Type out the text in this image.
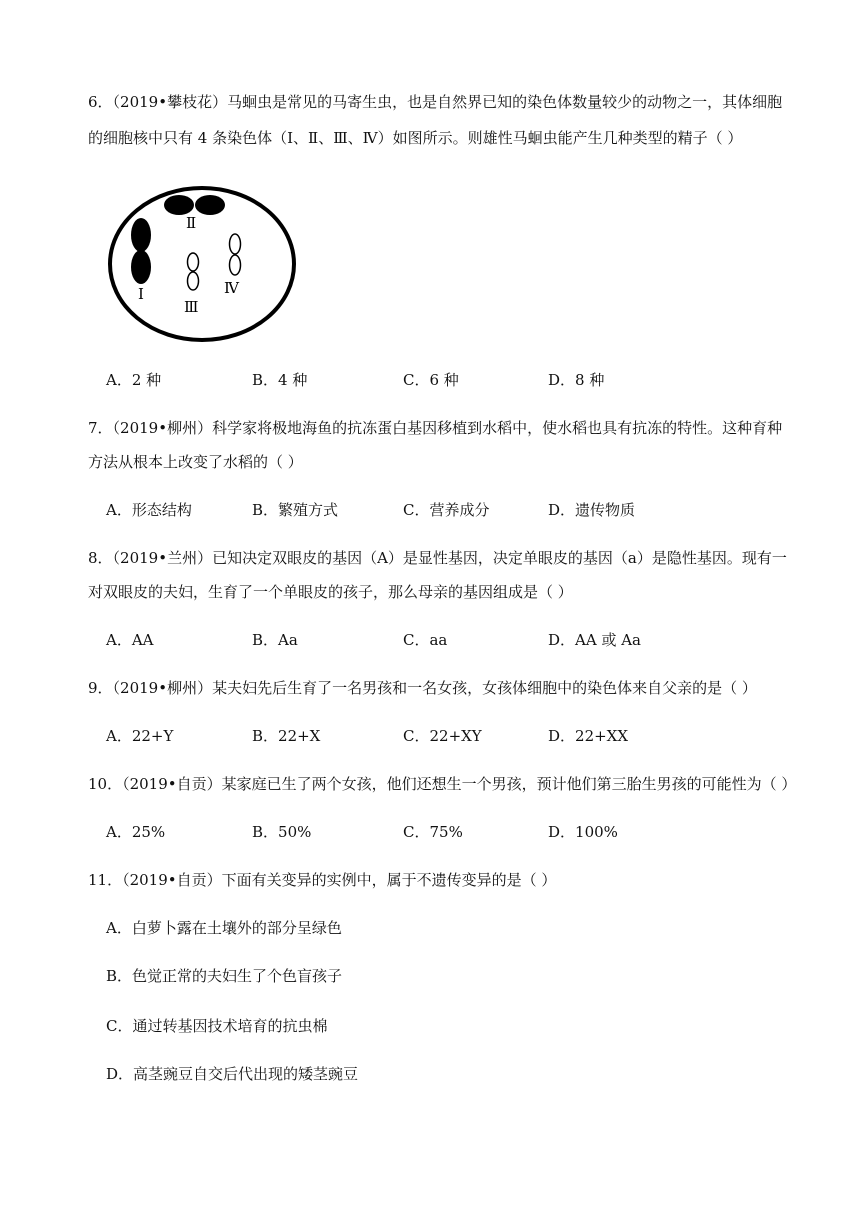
6．（2019•攀枝花）马蛔虫是常见的马寄生虫，也是自然界已知的染色体数量较少的动物之一，其体细胞
的细胞核中只有 4 条染色体（Ⅰ、Ⅱ、Ⅲ、Ⅳ）如图所示。则雄性马蛔虫能产生几种类型的精子（ ）
Ⅰ
Ⅱ
Ⅲ
Ⅳ
A．2 种	B．4 种	C．6 种	D．8 种
7．（2019•柳州）科学家将极地海鱼的抗冻蛋白基因移植到水稻中，使水稻也具有抗冻的特性。这种育种
方法从根本上改变了水稻的（ ）
A．形态结构	B．繁殖方式	C．营养成分	D．遗传物质
8．（2019•兰州）已知决定双眼皮的基因（A）是显性基因，决定单眼皮的基因（a）是隐性基因。现有一
对双眼皮的夫妇，生育了一个单眼皮的孩子，那么母亲的基因组成是（ ）
A．AA	B．Aa	C．aa	D．AA 或 Aa
9．（2019•柳州）某夫妇先后生育了一名男孩和一名女孩，女孩体细胞中的染色体来自父亲的是（ ）
A．22+Y	B．22+X	C．22+XY	D．22+XX
10．（2019•自贡）某家庭已生了两个女孩，他们还想生一个男孩，预计他们第三胎生男孩的可能性为（ ）
A．25%	B．50%	C．75%	D．100%
11．（2019•自贡）下面有关变异的实例中，属于不遗传变异的是（ ）
A．白萝卜露在土壤外的部分呈绿色
B．色觉正常的夫妇生了个色盲孩子
C．通过转基因技术培育的抗虫棉
D．高茎豌豆自交后代出现的矮茎豌豆
